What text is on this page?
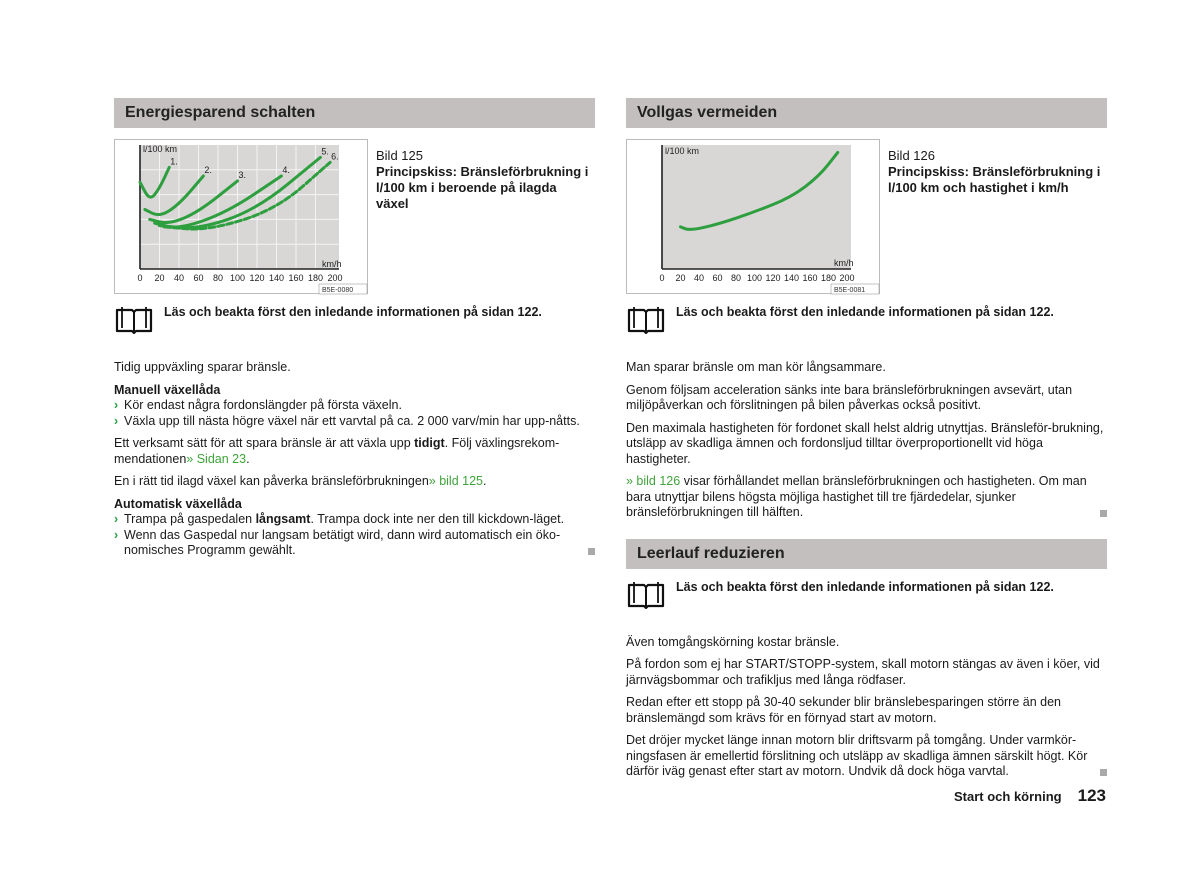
Energiesparend schalten
l/100 km
km/h
1.
2.	3.	4.
5. 6.
0 20 40 60 80 100 120 140 160 180 200
B5E-0080
Bild 125
Principskiss: Bränsleförbrukning i l/100 km i beroende på ilagda växel
Läs och beakta först den inledande informationen på sidan 122.
Tidig uppväxling sparar bränsle.
Manuell växellåda
› Kör endast några fordonslängder på första växeln.
› Växla upp till nästa högre växel när ett varvtal på ca. 2 000 varv/min har upp-nåtts.
Ett verksamt sätt för att spara bränsle är att växla upp tidigt. Följ växlingsrekom-mendationen» Sidan 23.
En i rätt tid ilagd växel kan påverka bränsleförbrukningen» bild 125.
Automatisk växellåda
› Trampa på gaspedalen långsamt. Trampa dock inte ner den till kickdown-läget.
› Wenn das Gaspedal nur langsam betätigt wird, dann wird automatisch ein öko-nomisches Programm gewählt.
Vollgas vermeiden
l/100 km
km/h
0 20 40 60 80 100 120 140 160 180 200
B5E-0081
Bild 126
Principskiss: Bränsleförbrukning i l/100 km och hastighet i km/h
Läs och beakta först den inledande informationen på sidan 122.
Man sparar bränsle om man kör långsammare.
Genom följsam acceleration sänks inte bara bränsleförbrukningen avsevärt, utan miljöpåverkan och förslitningen på bilen påverkas också positivt.
Den maximala hastigheten för fordonet skall helst aldrig utnyttjas. Bränsleför-brukning, utsläpp av skadliga ämnen och fordonsljud tilltar överproportionellt vid höga hastigheter.
» bild 126 visar förhållandet mellan bränsleförbrukningen och hastigheten. Om man bara utnyttjar bilens högsta möjliga hastighet till tre fjärdedelar, sjunker bränsleförbrukningen till hälften.
Leerlauf reduzieren
Läs och beakta först den inledande informationen på sidan 122.
Även tomgångskörning kostar bränsle.
På fordon som ej har START/STOPP-system, skall motorn stängas av även i köer, vid järnvägsbommar och trafikljus med långa rödfaser.
Redan efter ett stopp på 30-40 sekunder blir bränslebesparingen större än den bränslemängd som krävs för en förnyad start av motorn.
Det dröjer mycket länge innan motorn blir driftsvarm på tomgång. Under varmkör-ningsfasen är emellertid förslitning och utsläpp av skadliga ämnen särskilt högt. Kör därför iväg genast efter start av motorn. Undvik då dock höga varvtal.
Start och körning 123
